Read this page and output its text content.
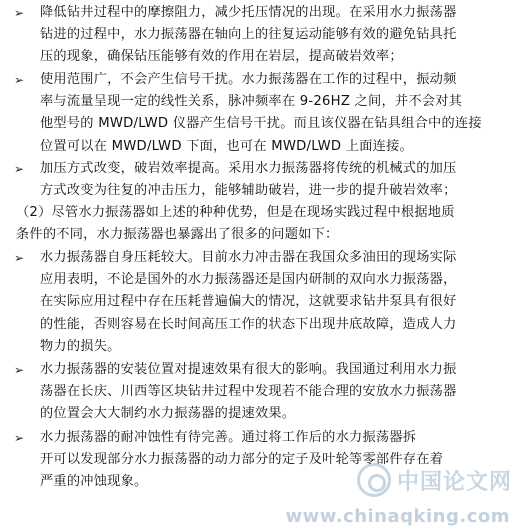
➢	降低钻井过程中的摩擦阻力，减少托压情况的出现。在采用水力振荡器
钻进的过程中，水力振荡器在轴向上的往复运动能够有效的避免钻具托
压的现象，确保钻压能够有效的作用在岩层，提高破岩效率；
➢	使用范围广，不会产生信号干扰。水力振荡器在工作的过程中，振动频
率与流量呈现一定的线性关系，脉冲频率在 9-26HZ 之间，并不会对其
他型号的 MWD/LWD 仪器产生信号干扰。而且该仪器在钻具组合中的连接
位置可以在 MWD/LWD 下面，也可在 MWD/LWD 上面连接。
➢	加压方式改变，破岩效率提高。采用水力振荡器将传统的机械式的加压
方式改变为往复的冲击压力，能够辅助破岩，进一步的提升破岩效率；
（2）尽管水力振荡器如上述的种种优势，但是在现场实践过程中根据地质
条件的不同，水力振荡器也暴露出了很多的问题如下：
➢	水力振荡器自身压耗较大。目前水力冲击器在我国众多油田的现场实际
应用表明，不论是国外的水力振荡器还是国内研制的双向水力振荡器，
在实际应用过程中存在压耗普遍偏大的情况，这就要求钻井泵具有很好
的性能，否则容易在长时间高压工作的状态下出现井底故障，造成人力
物力的损失。
➢	水力振荡器的安装位置对提速效果有很大的影响。我国通过利用水力振
荡器在长庆、川西等区块钻井过程中发现若不能合理的安放水力振荡器
的位置会大大制约水力振荡器的提速效果。
➢	水力振荡器的耐冲蚀性有待完善。通过将工作后的水力振荡器拆
开可以发现部分水力振荡器的动力部分的定子及叶轮等零部件存在着
严重的冲蚀现象。	中国论文网
www.chinaqking.com
